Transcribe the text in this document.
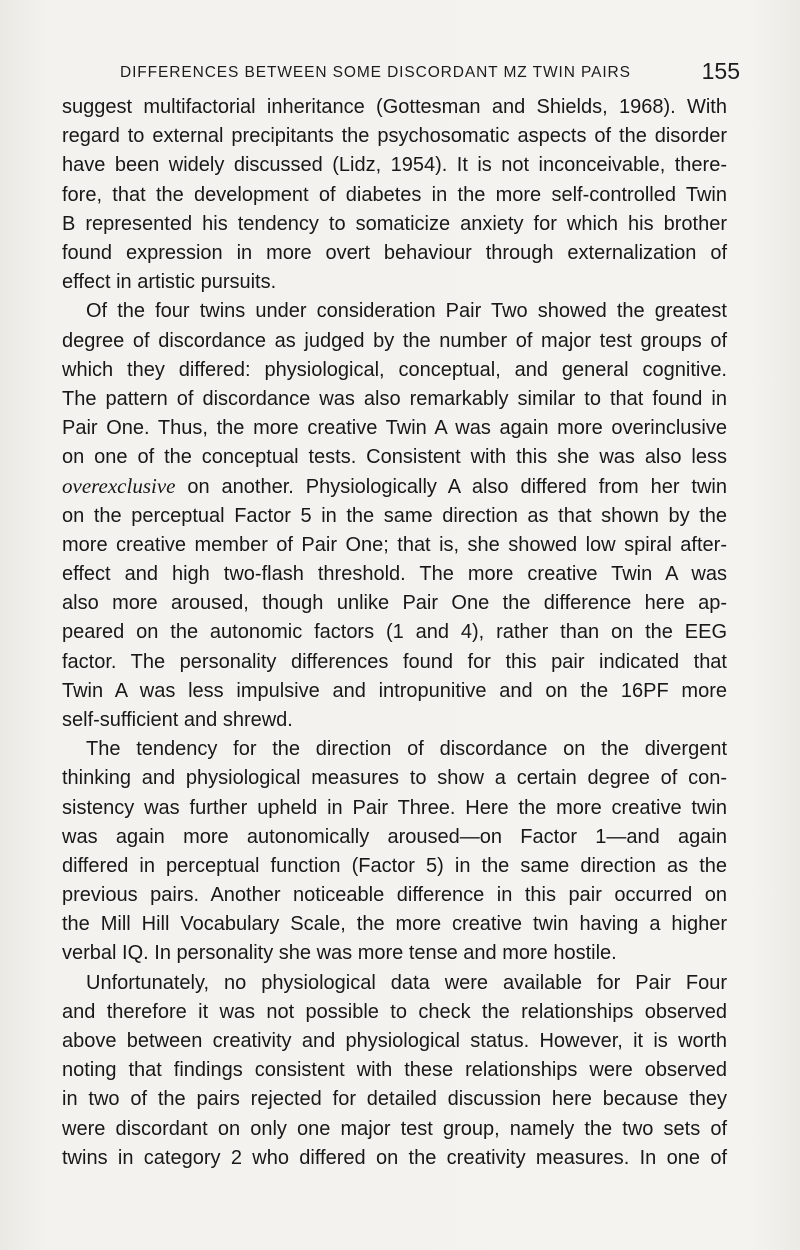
DIFFERENCES BETWEEN SOME DISCORDANT MZ TWIN PAIRS	155
suggest multifactorial inheritance (Gottesman and Shields, 1968). With
regard to external precipitants the psychosomatic aspects of the disorder
have been widely discussed (Lidz, 1954). It is not inconceivable, there-
fore, that the development of diabetes in the more self-controlled Twin
B represented his tendency to somaticize anxiety for which his brother
found expression in more overt behaviour through externalization of
effect in artistic pursuits.
Of the four twins under consideration Pair Two showed the greatest
degree of discordance as judged by the number of major test groups of
which they differed: physiological, conceptual, and general cognitive.
The pattern of discordance was also remarkably similar to that found in
Pair One. Thus, the more creative Twin A was again more overinclusive
on one of the conceptual tests. Consistent with this she was also less
overexclusive on another. Physiologically A also differed from her twin
on the perceptual Factor 5 in the same direction as that shown by the
more creative member of Pair One; that is, she showed low spiral after-
effect and high two-flash threshold. The more creative Twin A was
also more aroused, though unlike Pair One the difference here ap-
peared on the autonomic factors (1 and 4), rather than on the EEG
factor. The personality differences found for this pair indicated that
Twin A was less impulsive and intropunitive and on the 16PF more
self-sufficient and shrewd.
The tendency for the direction of discordance on the divergent
thinking and physiological measures to show a certain degree of con-
sistency was further upheld in Pair Three. Here the more creative twin
was again more autonomically aroused—on Factor 1—and again
differed in perceptual function (Factor 5) in the same direction as the
previous pairs. Another noticeable difference in this pair occurred on
the Mill Hill Vocabulary Scale, the more creative twin having a higher
verbal IQ. In personality she was more tense and more hostile.
Unfortunately, no physiological data were available for Pair Four
and therefore it was not possible to check the relationships observed
above between creativity and physiological status. However, it is worth
noting that findings consistent with these relationships were observed
in two of the pairs rejected for detailed discussion here because they
were discordant on only one major test group, namely the two sets of
twins in category 2 who differed on the creativity measures. In one of
